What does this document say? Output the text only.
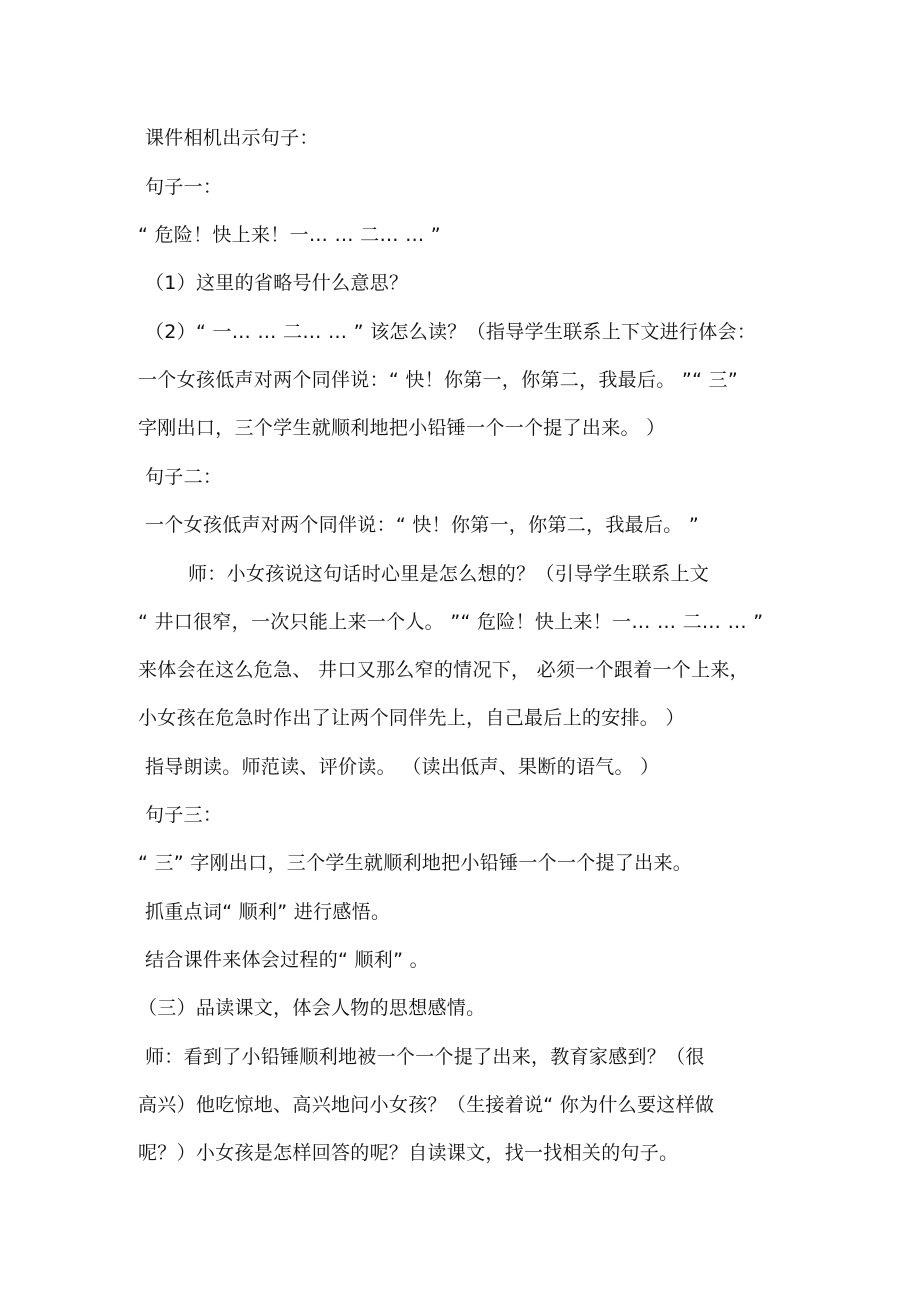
课件相机出示句子：
句子一：
“ 危险！快上来！一… … 二… … ”
（1）这里的省略号什么意思？
（2）“ 一… … 二… … ” 该怎么读？（指导学生联系上下文进行体会：
一个女孩低声对两个同伴说：“ 快！你第一，你第二，我最后。 ”“ 三”
字刚出口，三个学生就顺利地把小铅锤一个一个提了出来。 ）
句子二：
一个女孩低声对两个同伴说：“ 快！你第一，你第二，我最后。 ”
师：小女孩说这句话时心里是怎么想的？（引导学生联系上文
“ 井口很窄，一次只能上来一个人。 ”“ 危险！快上来！一… … 二… … ”
来体会在这么危急、 井口又那么窄的情况下， 必须一个跟着一个上来，
小女孩在危急时作出了让两个同伴先上，自己最后上的安排。 ）
指导朗读。师范读、评价读。 （读出低声、果断的语气。 ）
句子三：
“ 三” 字刚出口，三个学生就顺利地把小铅锤一个一个提了出来。
抓重点词“ 顺利” 进行感悟。
结合课件来体会过程的“ 顺利” 。
（三）品读课文，体会人物的思想感情。
师：看到了小铅锤顺利地被一个一个提了出来，教育家感到？（很
高兴）他吃惊地、高兴地问小女孩？（生接着说“ 你为什么要这样做
呢？）小女孩是怎样回答的呢？自读课文，找一找相关的句子。
